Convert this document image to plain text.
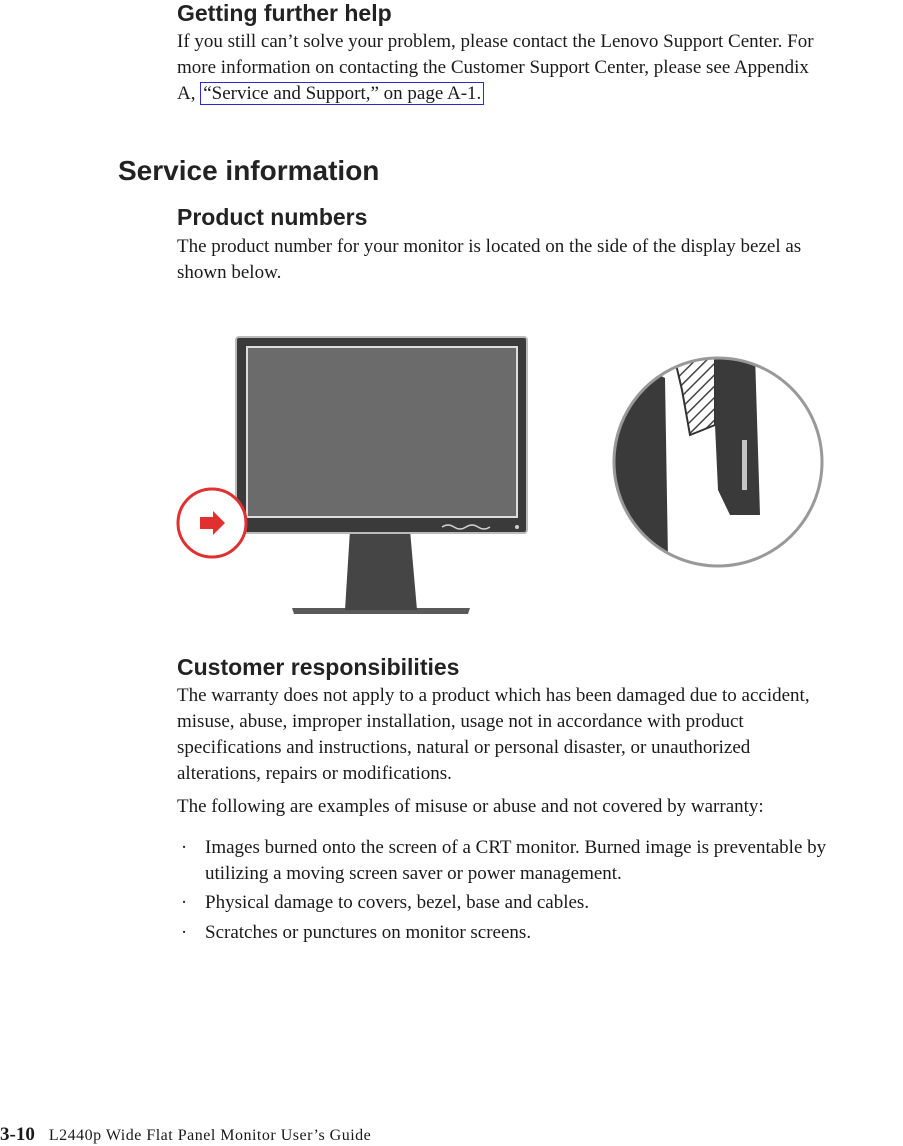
Getting further help
If you still can’t solve your problem, please contact the Lenovo Support Center. For
more information on contacting the Customer Support Center, please see Appendix
A, “Service and Support,” on page A-1.
Service information
Product numbers
The product number for your monitor is located on the side of the display bezel as
shown below.
Customer responsibilities
The warranty does not apply to a product which has been damaged due to accident,
misuse, abuse, improper installation, usage not in accordance with product
specifications and instructions, natural or personal disaster, or unauthorized
alterations, repairs or modifications.
The following are examples of misuse or abuse and not covered by warranty:
· Images burned onto the screen of a CRT monitor. Burned image is preventable by
utilizing a moving screen saver or power management.
· Physical damage to covers, bezel, base and cables.
· Scratches or punctures on monitor screens.
3-10 L2440p Wide Flat Panel Monitor User’s Guide
